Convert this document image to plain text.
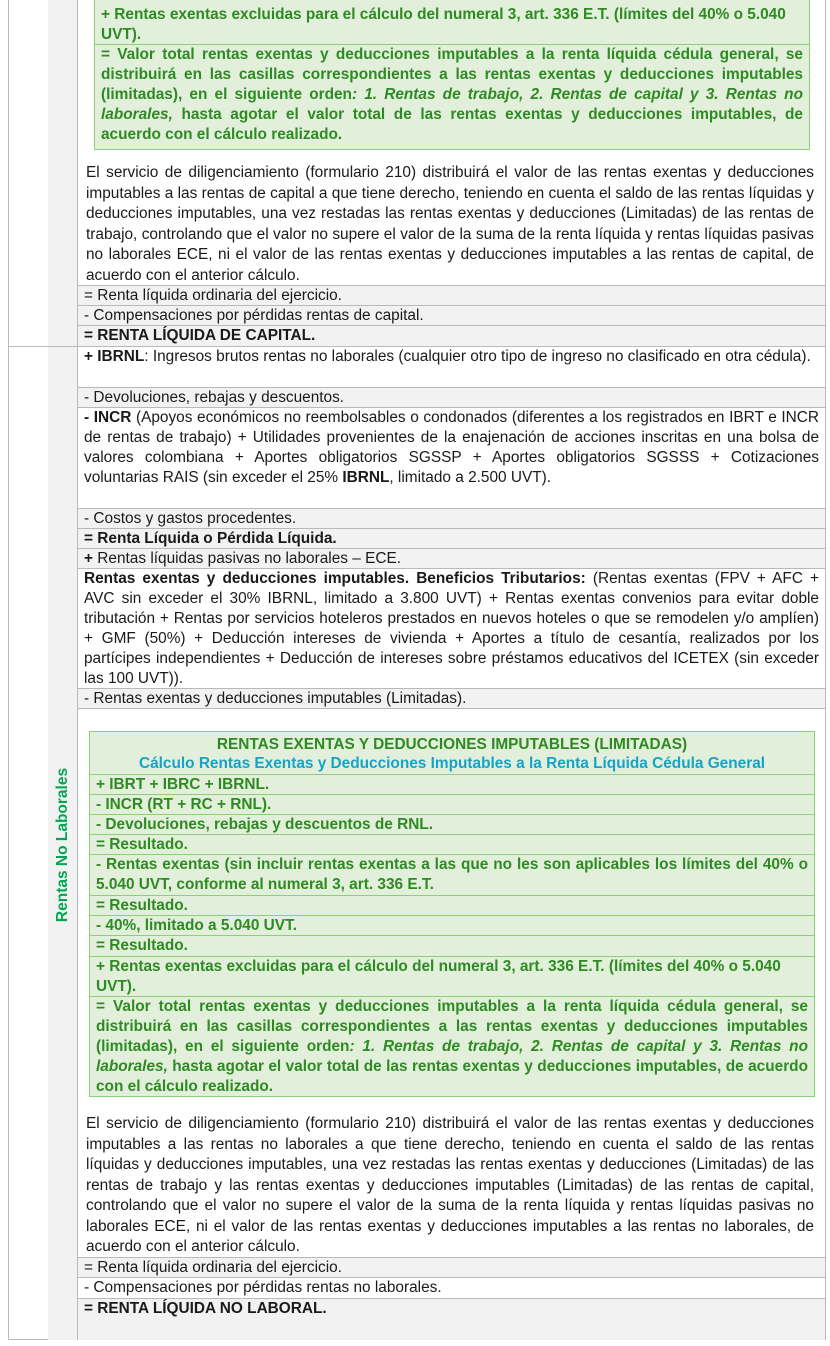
Rentas No Laborales
+ Rentas exentas excluidas para el cálculo del numeral 3, art. 336 E.T. (límites del 40% o 5.040 UVT).
= Valor total rentas exentas y deducciones imputables a la renta líquida cédula general, se distribuirá en las casillas correspondientes a las rentas exentas y deducciones imputables (limitadas), en el siguiente orden: 1. Rentas de trabajo, 2. Rentas de capital y 3. Rentas no laborales, hasta agotar el valor total de las rentas exentas y deducciones imputables, de acuerdo con el cálculo realizado.
El servicio de diligenciamiento (formulario 210) distribuirá el valor de las rentas exentas y deducciones imputables a las rentas de capital a que tiene derecho, teniendo en cuenta el saldo de las rentas líquidas y deducciones imputables, una vez restadas las rentas exentas y deducciones (Limitadas) de las rentas de trabajo, controlando que el valor no supere el valor de la suma de la renta líquida y rentas líquidas pasivas no laborales ECE, ni el valor de las rentas exentas y deducciones imputables a las rentas de capital, de acuerdo con el anterior cálculo.
= Renta líquida ordinaria del ejercicio.
- Compensaciones por pérdidas rentas de capital.
= RENTA LÍQUIDA DE CAPITAL.
+ IBRNL: Ingresos brutos rentas no laborales (cualquier otro tipo de ingreso no clasificado en otra cédula).
- Devoluciones, rebajas y descuentos.
- INCR (Apoyos económicos no reembolsables o condonados (diferentes a los registrados en IBRT e INCR de rentas de trabajo) + Utilidades provenientes de la enajenación de acciones inscritas en una bolsa de valores colombiana + Aportes obligatorios SGSSP + Aportes obligatorios SGSSS + Cotizaciones voluntarias RAIS (sin exceder el 25% IBRNL, limitado a 2.500 UVT).
- Costos y gastos procedentes.
= Renta Líquida o Pérdida Líquida.
+ Rentas líquidas pasivas no laborales – ECE.
Rentas exentas y deducciones imputables. Beneficios Tributarios: (Rentas exentas (FPV + AFC + AVC sin exceder el 30% IBRNL, limitado a 3.800 UVT) + Rentas exentas convenios para evitar doble tributación + Rentas por servicios hoteleros prestados en nuevos hoteles o que se remodelen y/o amplíen) + GMF (50%) + Deducción intereses de vivienda + Aportes a título de cesantía, realizados por los partícipes independientes + Deducción de intereses sobre préstamos educativos del ICETEX (sin exceder las 100 UVT)).
- Rentas exentas y deducciones imputables (Limitadas).
RENTAS EXENTAS Y DEDUCCIONES IMPUTABLES (LIMITADAS)
Cálculo Rentas Exentas y Deducciones Imputables a la Renta Líquida Cédula General
+ IBRT + IBRC + IBRNL.
- INCR (RT + RC + RNL).
- Devoluciones, rebajas y descuentos de RNL.
= Resultado.
- Rentas exentas (sin incluir rentas exentas a las que no les son aplicables los límites del 40% o 5.040 UVT, conforme al numeral 3, art. 336 E.T.
= Resultado.
- 40%, limitado a 5.040 UVT.
= Resultado.
+ Rentas exentas excluidas para el cálculo del numeral 3, art. 336 E.T. (límites del 40% o 5.040 UVT).
= Valor total rentas exentas y deducciones imputables a la renta líquida cédula general, se distribuirá en las casillas correspondientes a las rentas exentas y deducciones imputables (limitadas), en el siguiente orden: 1. Rentas de trabajo, 2. Rentas de capital y 3. Rentas no laborales, hasta agotar el valor total de las rentas exentas y deducciones imputables, de acuerdo con el cálculo realizado.
El servicio de diligenciamiento (formulario 210) distribuirá el valor de las rentas exentas y deducciones imputables a las rentas no laborales a que tiene derecho, teniendo en cuenta el saldo de las rentas líquidas y deducciones imputables, una vez restadas las rentas exentas y deducciones (Limitadas) de las rentas de trabajo y las rentas exentas y deducciones imputables (Limitadas) de las rentas de capital, controlando que el valor no supere el valor de la suma de la renta líquida y rentas líquidas pasivas no laborales ECE, ni el valor de las rentas exentas y deducciones imputables a las rentas no laborales, de acuerdo con el anterior cálculo.
= Renta líquida ordinaria del ejercicio.
- Compensaciones por pérdidas rentas no laborales.
= RENTA LÍQUIDA NO LABORAL.
